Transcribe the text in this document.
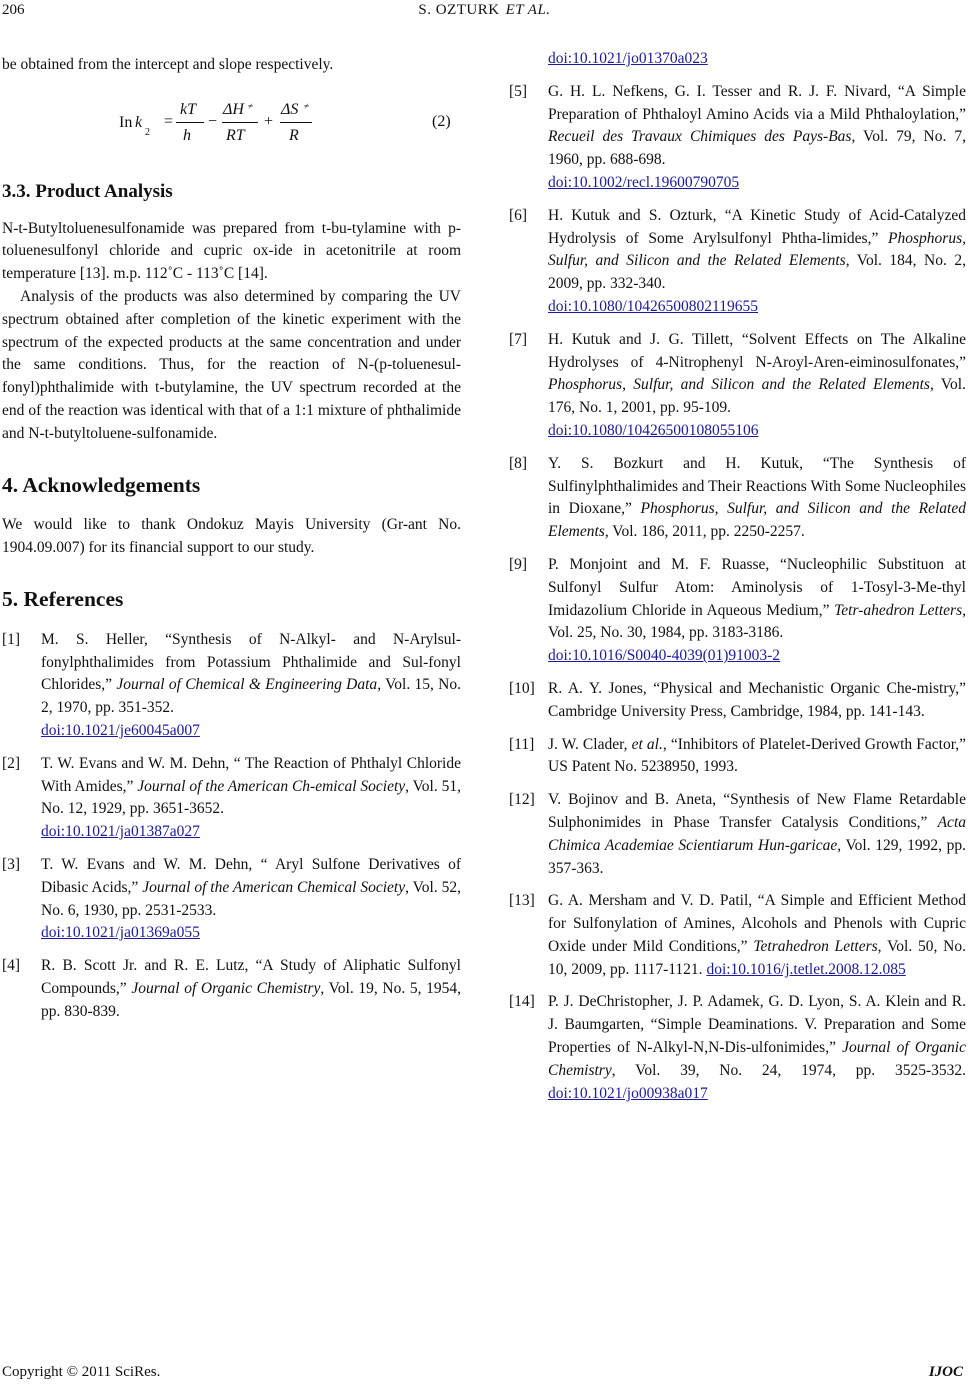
206	S. OZTURK ET AL.

be obtained from the intercept and slope respectively.

In k
2
=
kT
h
−
ΔH ≠
RT
+
ΔS ≠
R
(2)
3.3. Product Analysis

N-t-Butyltoluenesulfonamide was prepared from t-bu-tylamine with p-toluenesulfonyl chloride and cupric ox-ide in acetonitrile at room temperature [13]. m.p. 112˚C - 113˚C [14].

Analysis of the products was also determined by comparing the UV spectrum obtained after completion of the kinetic experiment with the spectrum of the expected products at the same concentration and under the same conditions. Thus, for the reaction of N-(p-toluenesul-fonyl)phthalimide with t-butylamine, the UV spectrum recorded at the end of the reaction was identical with that of a 1:1 mixture of phthalimide and N-t-butyltoluene-sulfonamide.

4. Acknowledgements

We would like to thank Ondokuz Mayis University (Gr-ant No. 1904.09.007) for its financial support to our study.

5. References
[1] M. S. Heller, “Synthesis of N-Alkyl- and N-Arylsul-fonylphthalimides from Potassium Phthalimide and Sul-fonyl Chlorides,” Journal of Chemical & Engineering Data, Vol. 15, No. 2, 1970, pp. 351-352.
doi:10.1021/je60045a007
[2] T. W. Evans and W. M. Dehn, “ The Reaction of Phthalyl Chloride With Amides,” Journal of the American Ch-emical Society, Vol. 51, No. 12, 1929, pp. 3651-3652.
doi:10.1021/ja01387a027
[3] T. W. Evans and W. M. Dehn, “ Aryl Sulfone Derivatives of Dibasic Acids,” Journal of the American Chemical Society, Vol. 52, No. 6, 1930, pp. 2531-2533.
doi:10.1021/ja01369a055
[4] R. B. Scott Jr. and R. E. Lutz, “A Study of Aliphatic Sulfonyl Compounds,” Journal of Organic Chemistry, Vol. 19, No. 5, 1954, pp. 830-839.
doi:10.1021/jo01370a023
[5] G. H. L. Nefkens, G. I. Tesser and R. J. F. Nivard, “A Simple Preparation of Phthaloyl Amino Acids via a Mild Phthaloylation,” Recueil des Travaux Chimiques des Pays-Bas, Vol. 79, No. 7, 1960, pp. 688-698.
doi:10.1002/recl.19600790705
[6] H. Kutuk and S. Ozturk, “A Kinetic Study of Acid-Catalyzed Hydrolysis of Some Arylsulfonyl Phtha-limides,” Phosphorus, Sulfur, and Silicon and the Related Elements, Vol. 184, No. 2, 2009, pp. 332-340.
doi:10.1080/10426500802119655
[7] H. Kutuk and J. G. Tillett, “Solvent Effects on The Alkaline Hydrolyses of 4-Nitrophenyl N-Aroyl-Aren-eiminosulfonates,” Phosphorus, Sulfur, and Silicon and the Related Elements, Vol. 176, No. 1, 2001, pp. 95-109.
doi:10.1080/10426500108055106
[8] Y. S. Bozkurt and H. Kutuk, “The Synthesis of Sulfinylphthalimides and Their Reactions With Some Nucleophiles in Dioxane,” Phosphorus, Sulfur, and Silicon and the Related Elements, Vol. 186, 2011, pp. 2250-2257.
[9] P. Monjoint and M. F. Ruasse, “Nucleophilic Substituon at Sulfonyl Sulfur Atom: Aminolysis of 1-Tosyl-3-Me-thyl Imidazolium Chloride in Aqueous Medium,” Tetr-ahedron Letters, Vol. 25, No. 30, 1984, pp. 3183-3186.
doi:10.1016/S0040-4039(01)91003-2
[10] R. A. Y. Jones, “Physical and Mechanistic Organic Che-mistry,” Cambridge University Press, Cambridge, 1984, pp. 141-143.
[11] J. W. Clader, et al., “Inhibitors of Platelet-Derived Growth Factor,” US Patent No. 5238950, 1993.
[12] V. Bojinov and B. Aneta, “Synthesis of New Flame Retardable Sulphonimides in Phase Transfer Catalysis Conditions,” Acta Chimica Academiae Scientiarum Hun-garicae, Vol. 129, 1992, pp. 357-363.
[13] G. A. Mersham and V. D. Patil, “A Simple and Efficient Method for Sulfonylation of Amines, Alcohols and Phenols with Cupric Oxide under Mild Conditions,” Tetrahedron Letters, Vol. 50, No. 10, 2009, pp. 1117-1121. doi:10.1016/j.tetlet.2008.12.085
[14] P. J. DeChristopher, J. P. Adamek, G. D. Lyon, S. A. Klein and R. J. Baumgarten, “Simple Deaminations. V. Preparation and Some Properties of N-Alkyl-N,N-Dis-ulfonimides,” Journal of Organic Chemistry, Vol. 39, No. 24, 1974, pp. 3525-3532. doi:10.1021/jo00938a017
Copyright © 2011 SciRes.	IJOC
